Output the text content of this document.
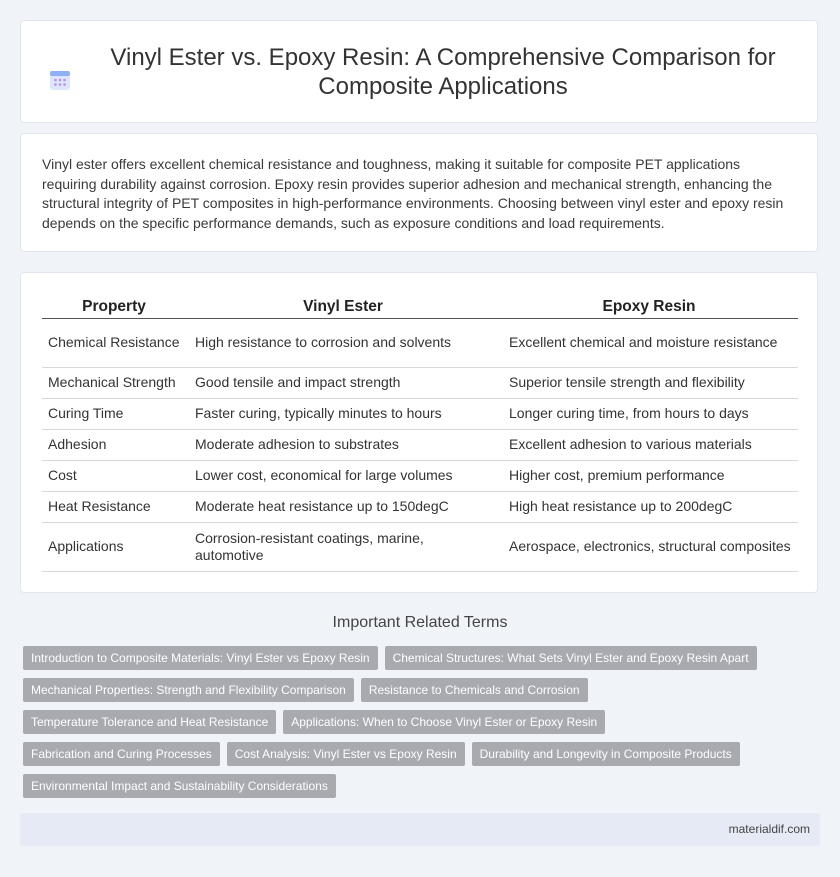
Vinyl Ester vs. Epoxy Resin: A Comprehensive Comparison for Composite Applications

Vinyl ester offers excellent chemical resistance and toughness, making it suitable for composite PET applications requiring durability against corrosion. Epoxy resin provides superior adhesion and mechanical strength, enhancing the structural integrity of PET composites in high-performance environments. Choosing between vinyl ester and epoxy resin depends on the specific performance demands, such as exposure conditions and load requirements.

Property	Vinyl Ester	Epoxy Resin
Chemical Resistance	High resistance to corrosion and solvents	Excellent chemical and moisture resistance
Mechanical Strength	Good tensile and impact strength	Superior tensile strength and flexibility
Curing Time	Faster curing, typically minutes to hours	Longer curing time, from hours to days
Adhesion	Moderate adhesion to substrates	Excellent adhesion to various materials
Cost	Lower cost, economical for large volumes	Higher cost, premium performance
Heat Resistance	Moderate heat resistance up to 150degC	High heat resistance up to 200degC
Applications	Corrosion-resistant coatings, marine, automotive	Aerospace, electronics, structural composites
Important Related Terms
Introduction to Composite Materials: Vinyl Ester vs Epoxy Resin	Chemical Structures: What Sets Vinyl Ester and Epoxy Resin Apart
Mechanical Properties: Strength and Flexibility Comparison	Resistance to Chemicals and Corrosion
Temperature Tolerance and Heat Resistance	Applications: When to Choose Vinyl Ester or Epoxy Resin
Fabrication and Curing Processes	Cost Analysis: Vinyl Ester vs Epoxy Resin	Durability and Longevity in Composite Products
Environmental Impact and Sustainability Considerations
materialdif.com
